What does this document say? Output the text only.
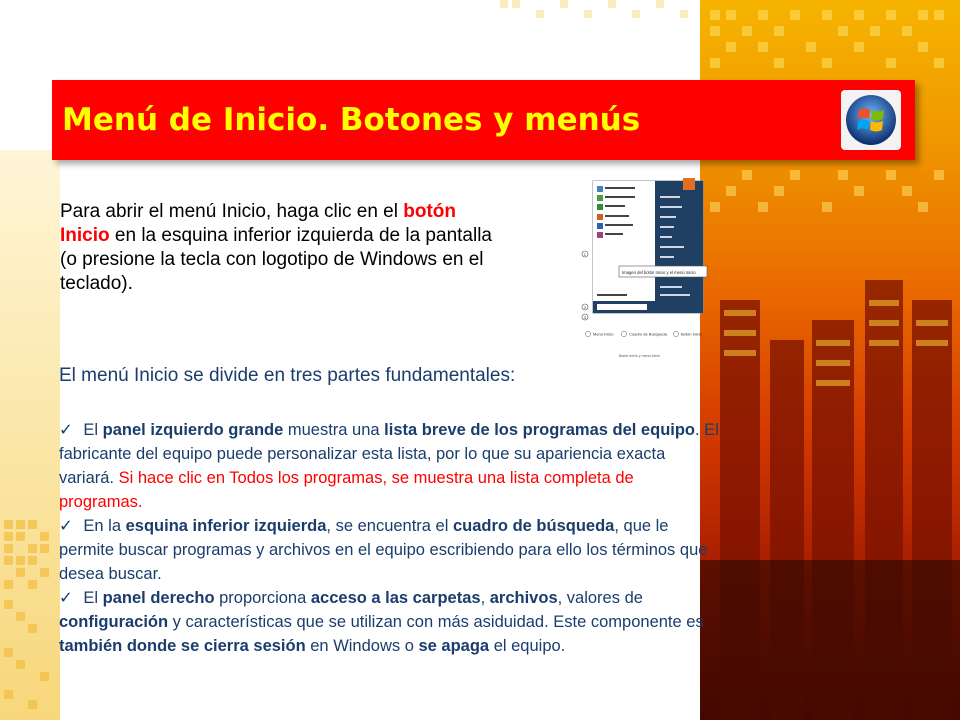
Menú de Inicio. Botones y menús
Para abrir el menú Inicio, haga clic en el botón Inicio en la esquina inferior izquierda de la pantalla (o presione la tecla con logotipo de Windows en el teclado).
Imagen del botón Inicio y el menú Inicio
1
2
3
Menú Inicio	Cuadro de Búsqueda	Botón Inicio
Botón Inicio y menú Inicio
El menú Inicio se divide en tres partes fundamentales:

✓ El panel izquierdo grande muestra una lista breve de los programas del equipo. El fabricante del equipo puede personalizar esta lista, por lo que su apariencia exacta variará. Si hace clic en Todos los programas, se muestra una lista completa de programas.

✓ En la esquina inferior izquierda, se encuentra el cuadro de búsqueda, que le permite buscar programas y archivos en el equipo escribiendo para ello los términos que desea buscar.

✓ El panel derecho proporciona acceso a las carpetas, archivos, valores de configuración y características que se utilizan con más asiduidad. Este componente es también donde se cierra sesión en Windows o se apaga el equipo.
